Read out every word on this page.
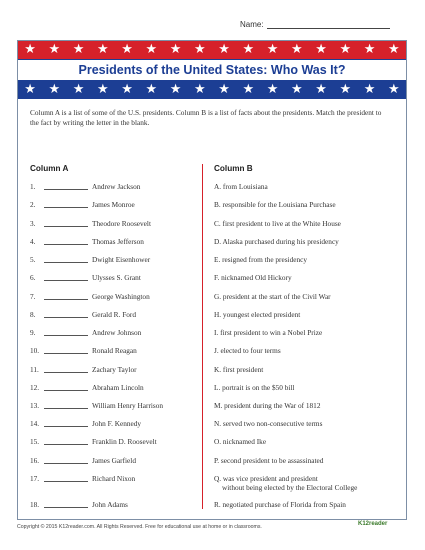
Name:
★ ★ ★ ★ ★ ★ ★ ★ ★ ★ ★ ★ ★ ★ ★ ★
Presidents of the United States: Who Was It?
★ ★ ★ ★ ★ ★ ★ ★ ★ ★ ★ ★ ★ ★ ★ ★
Column A is a list of some of the U.S. presidents. Column B is a list of facts about the presidents. Match the president to the fact by writing the letter in the blank.
Column A	Column B
1.	Andrew Jackson	A. from Louisiana
2.	James Monroe	B. responsible for the Louisiana Purchase
3.	Theodore Roosevelt	C. first president to live at the White House
4.	Thomas Jefferson	D. Alaska purchased during his presidency
5.	Dwight Eisenhower	E. resigned from the presidency
6.	Ulysses S. Grant	F. nicknamed Old Hickory
7.	George Washington	G. president at the start of the Civil War
8.	Gerald R. Ford	H. youngest elected president
9.	Andrew Johnson	I. first president to win a Nobel Prize
10.	Ronald Reagan	J. elected to four terms
11.	Zachary Taylor	K. first president
12.	Abraham Lincoln	L. portrait is on the $50 bill
13.	William Henry Harrison	M. president during the War of 1812
14.	John F. Kennedy	N. served two non-consecutive terms
15.	Franklin D. Roosevelt	O. nicknamed Ike
16.	James Garfield	P. second president to be assassinated
17.	Richard Nixon	Q. was vice president and president
without being elected by the Electoral College
18.	John Adams	R. negotiated purchase of Florida from Spain
Copyright © 2015 K12reader.com. All Rights Reserved. Free for educational use at home or in classrooms.	K12reader
